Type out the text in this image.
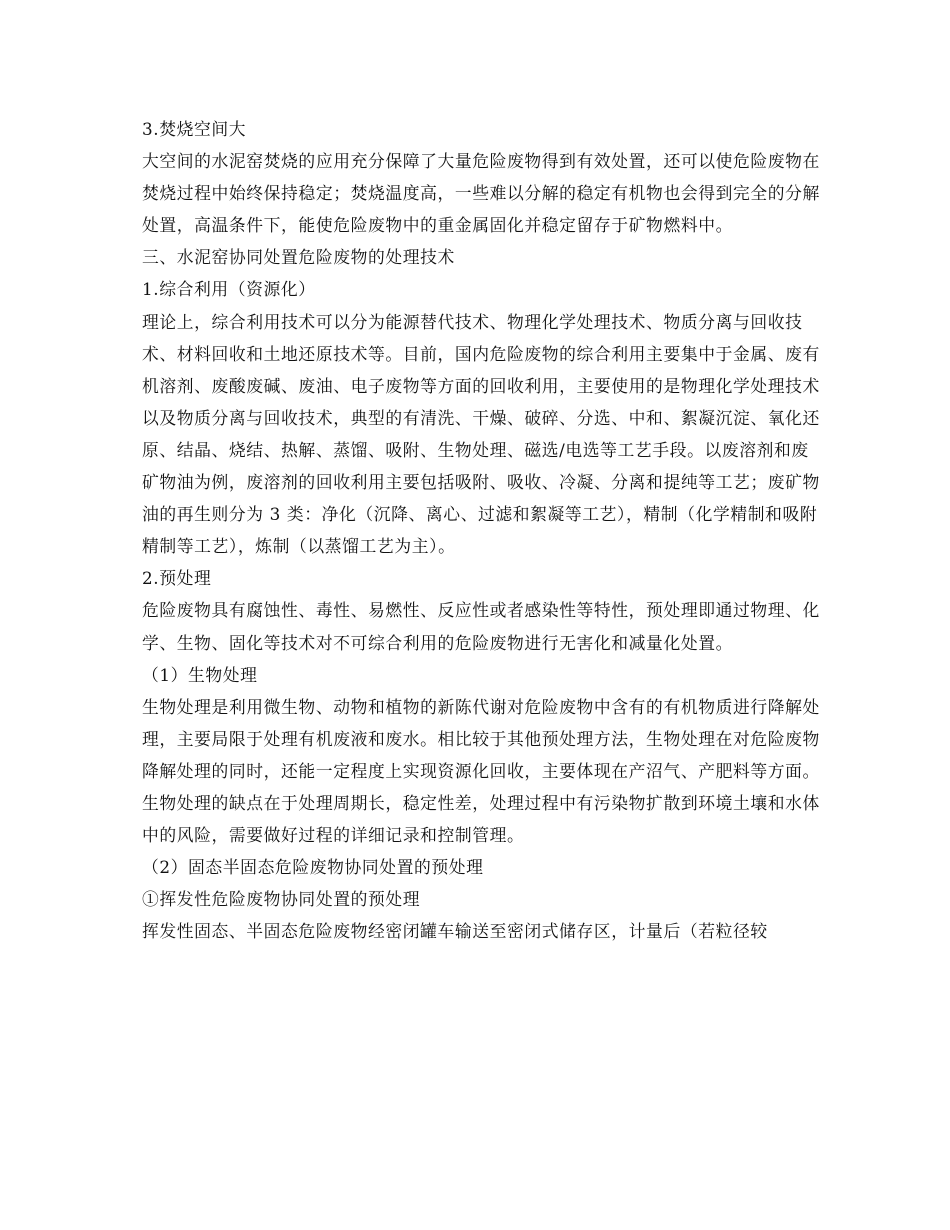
3.焚烧空间大

大空间的水泥窑焚烧的应用充分保障了大量危险废物得到有效处置，还可以使危险废物在焚烧过程中始终保持稳定；焚烧温度高，一些难以分解的稳定有机物也会得到完全的分解处置，高温条件下，能使危险废物中的重金属固化并稳定留存于矿物燃料中。

三、水泥窑协同处置危险废物的处理技术

1.综合利用（资源化）

理论上，综合利用技术可以分为能源替代技术、物理化学处理技术、物质分离与回收技术、材料回收和土地还原技术等。目前，国内危险废物的综合利用主要集中于金属、废有机溶剂、废酸废碱、废油、电子废物等方面的回收利用，主要使用的是物理化学处理技术以及物质分离与回收技术，典型的有清洗、干燥、破碎、分选、中和、絮凝沉淀、氧化还原、结晶、烧结、热解、蒸馏、吸附、生物处理、磁选/电选等工艺手段。以废溶剂和废矿物油为例，废溶剂的回收利用主要包括吸附、吸收、冷凝、分离和提纯等工艺；废矿物油的再生则分为 3 类：净化（沉降、离心、过滤和絮凝等工艺），精制（化学精制和吸附精制等工艺），炼制（以蒸馏工艺为主）。

2.预处理

危险废物具有腐蚀性、毒性、易燃性、反应性或者感染性等特性，预处理即通过物理、化学、生物、固化等技术对不可综合利用的危险废物进行无害化和减量化处置。

（1）生物处理

生物处理是利用微生物、动物和植物的新陈代谢对危险废物中含有的有机物质进行降解处理，主要局限于处理有机废液和废水。相比较于其他预处理方法，生物处理在对危险废物降解处理的同时，还能一定程度上实现资源化回收，主要体现在产沼气、产肥料等方面。生物处理的缺点在于处理周期长，稳定性差，处理过程中有污染物扩散到环境土壤和水体中的风险，需要做好过程的详细记录和控制管理。

（2）固态半固态危险废物协同处置的预处理

①挥发性危险废物协同处置的预处理

挥发性固态、半固态危险废物经密闭罐车输送至密闭式储存区，计量后（若粒径较
